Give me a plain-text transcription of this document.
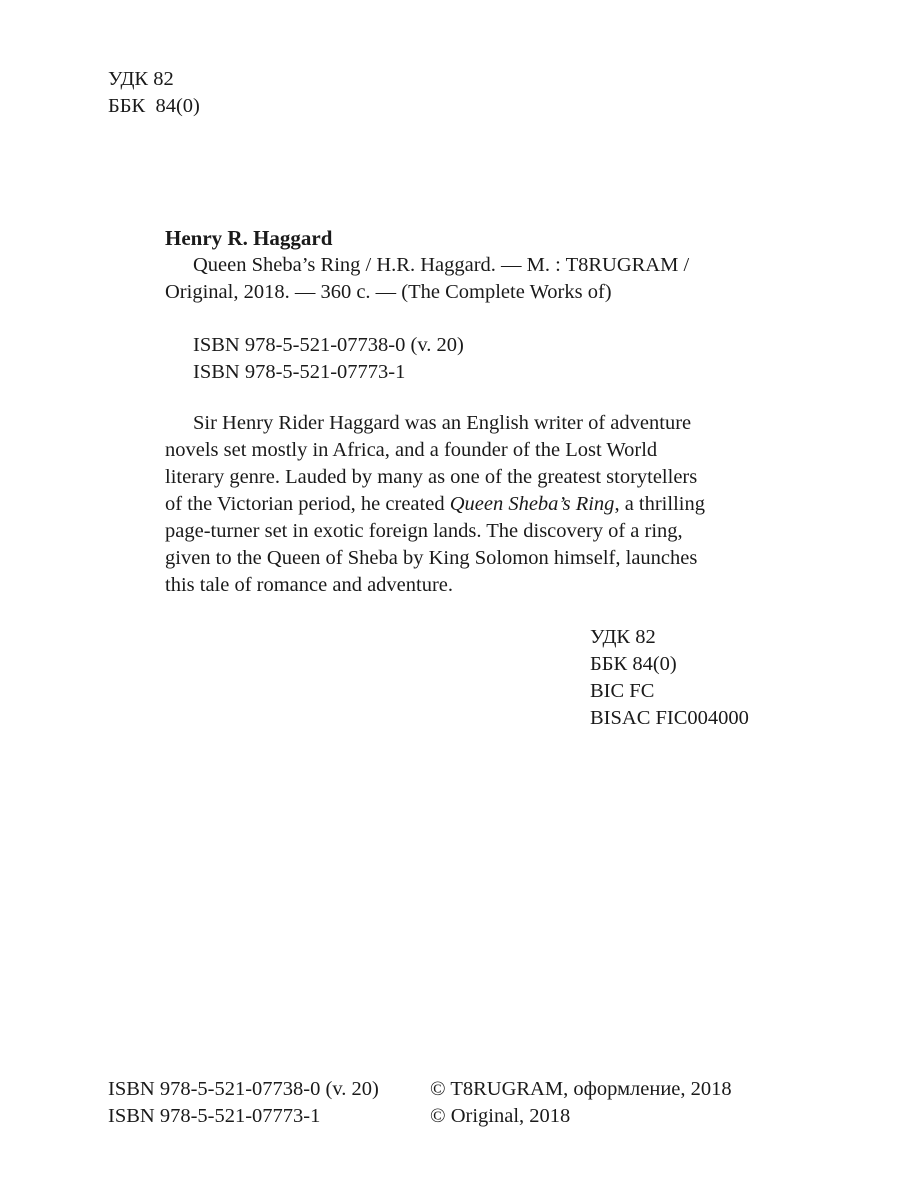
УДК 82
ББК  84(0)
Henry R. Haggard
Queen Sheba’s Ring / H.R. Haggard. — M. : T8RUGRAM /
Original, 2018. — 360 c. — (The Complete Works of)
ISBN 978-5-521-07738-0 (v. 20)
ISBN 978-5-521-07773-1
Sir Henry Rider Haggard was an English writer of adventure
novels set mostly in Africa, and a founder of the Lost World
literary genre. Lauded by many as one of the greatest storytellers
of the Victorian period, he created Queen Sheba’s Ring, a thrilling
page-turner set in exotic foreign lands. The discovery of a ring,
given to the Queen of Sheba by King Solomon himself, launches
this tale of romance and adventure.
УДК 82
ББК 84(0)
BIC FC
BISAC FIC004000
ISBN 978-5-521-07738-0 (v. 20)
ISBN 978-5-521-07773-1
© T8RUGRAM, оформление, 2018
© Original, 2018
